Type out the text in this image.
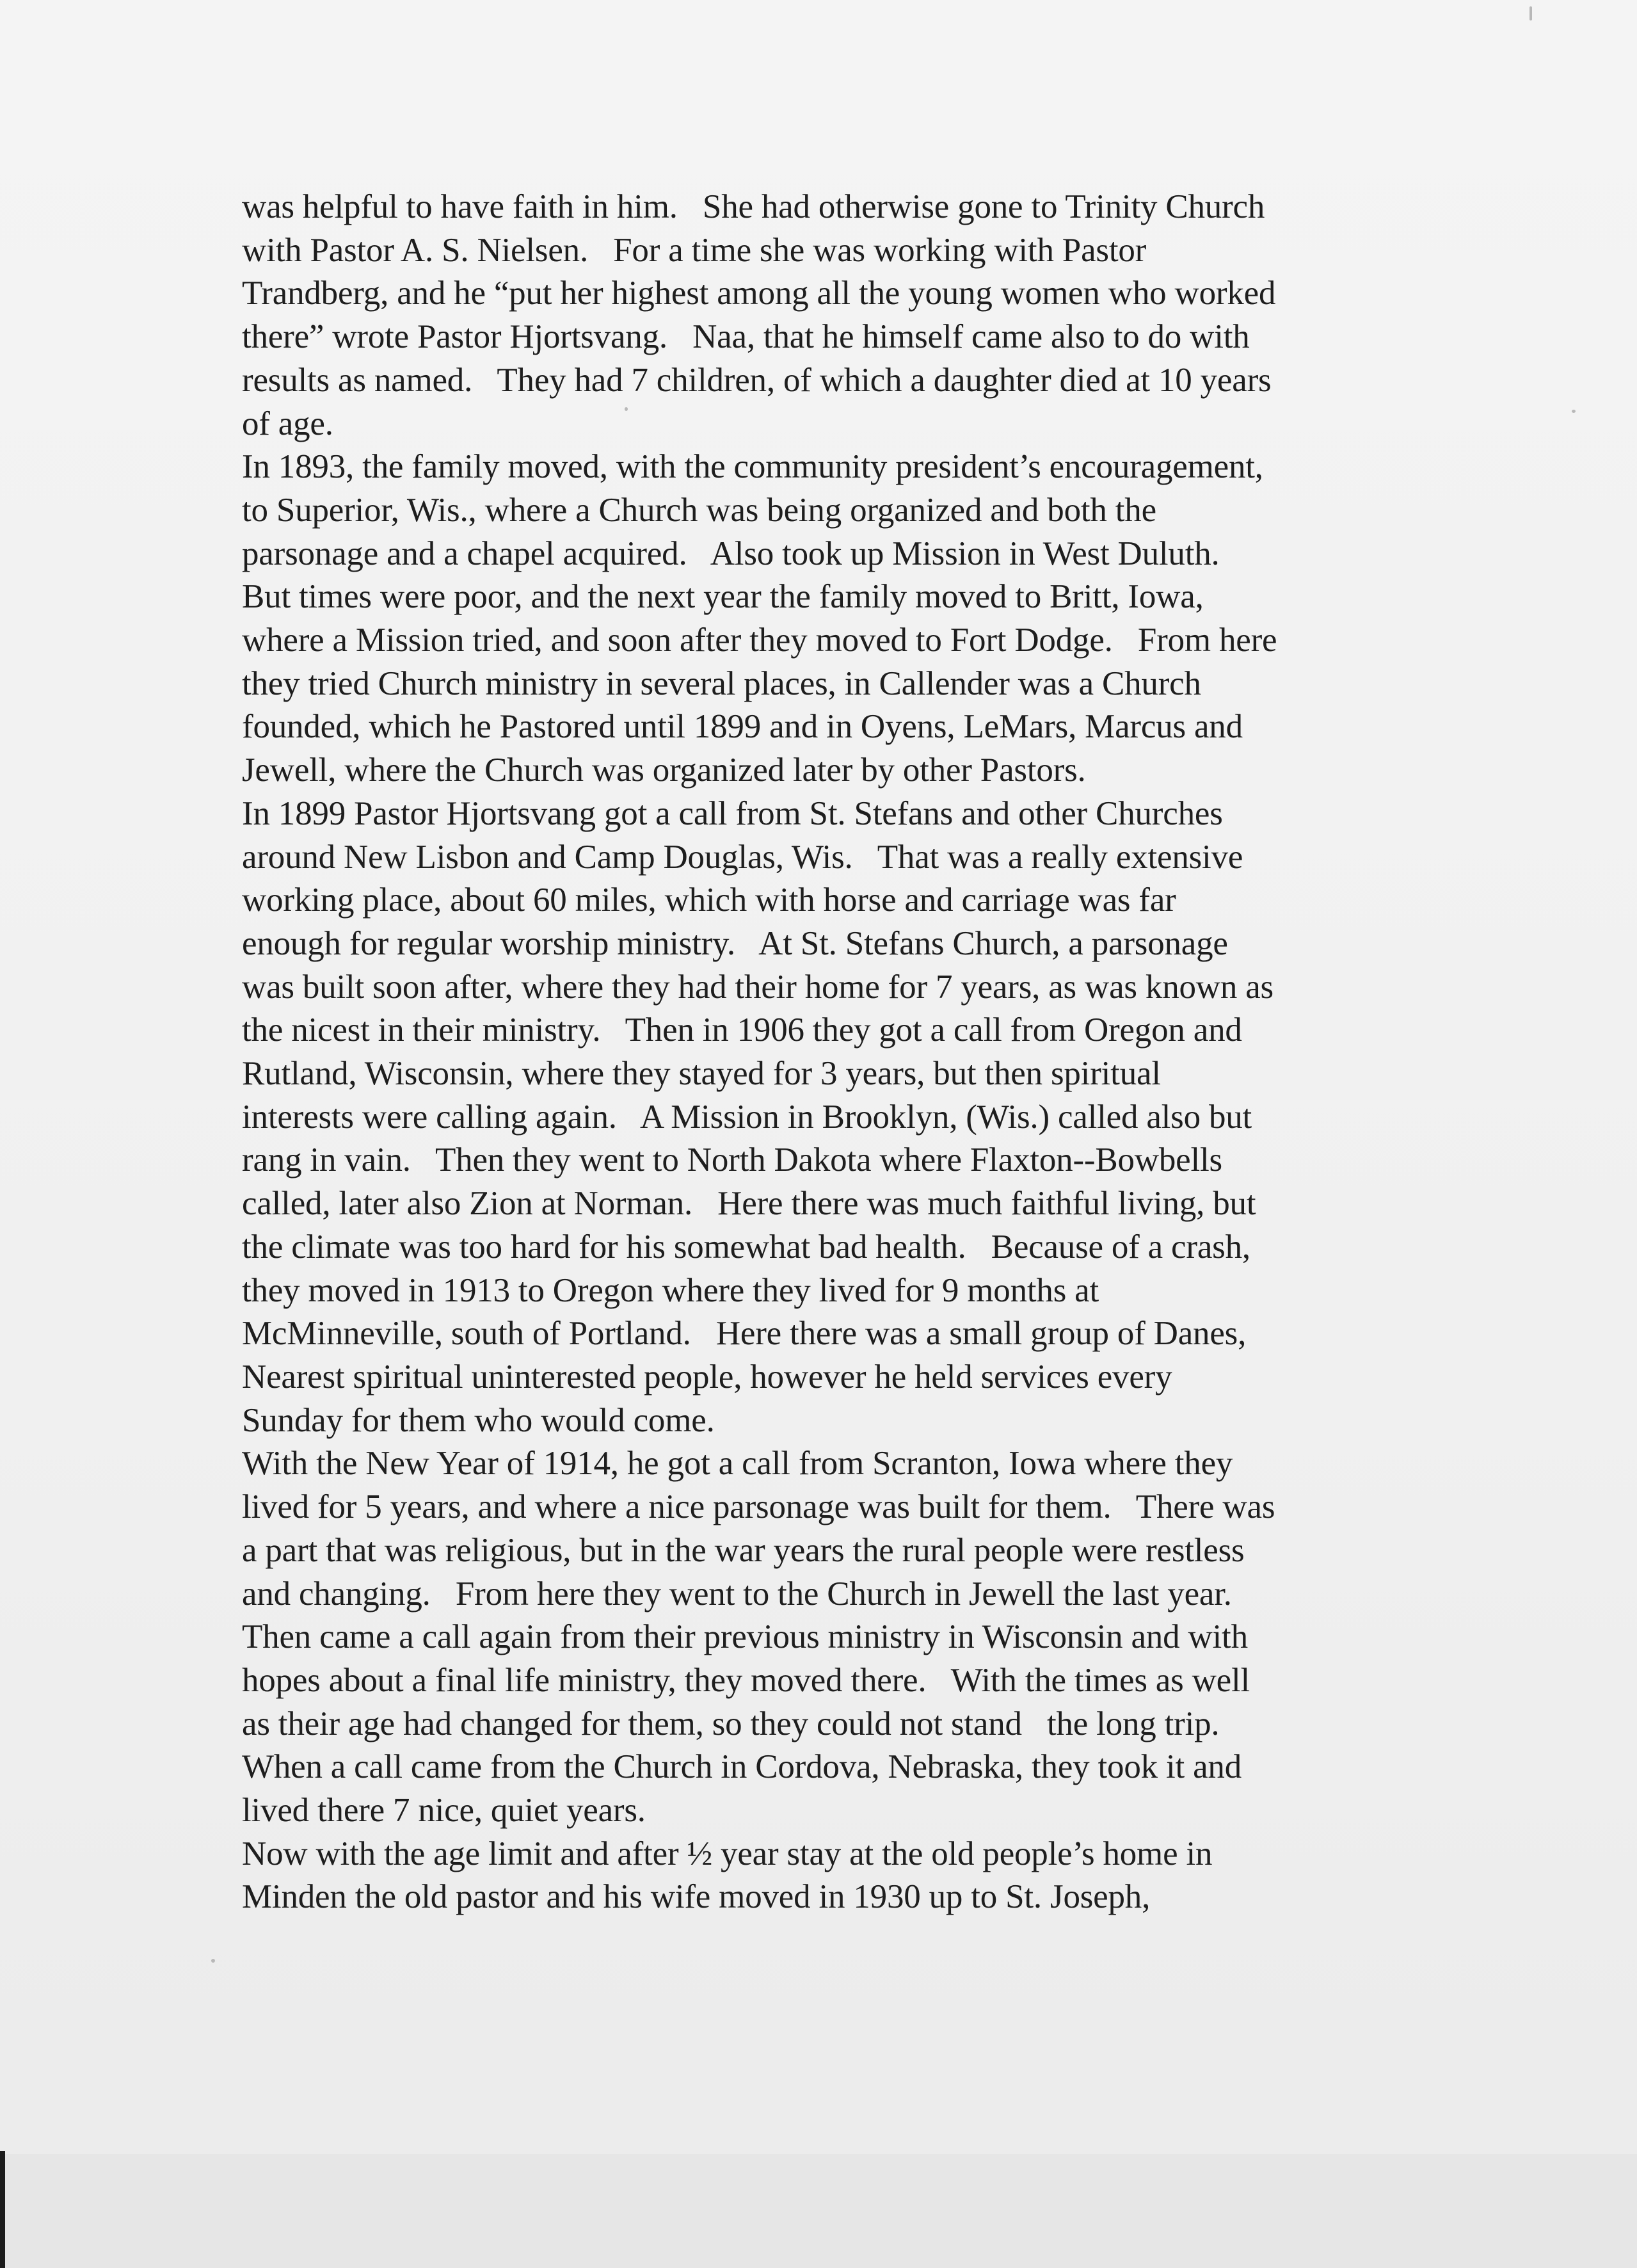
was helpful to have faith in him.   She had otherwise gone to Trinity Church
with Pastor A. S. Nielsen.   For a time she was working with Pastor
Trandberg, and he “put her highest among all the young women who worked
there” wrote Pastor Hjortsvang.   Naa, that he himself came also to do with
results as named.   They had 7 children, of which a daughter died at 10 years
of age.
In 1893, the family moved, with the community president’s encouragement,
to Superior, Wis., where a Church was being organized and both the
parsonage and a chapel acquired.   Also took up Mission in West Duluth.
But times were poor, and the next year the family moved to Britt, Iowa,
where a Mission tried, and soon after they moved to Fort Dodge.   From here
they tried Church ministry in several places, in Callender was a Church
founded, which he Pastored until 1899 and in Oyens, LeMars, Marcus and
Jewell, where the Church was organized later by other Pastors.
In 1899 Pastor Hjortsvang got a call from St. Stefans and other Churches
around New Lisbon and Camp Douglas, Wis.   That was a really extensive
working place, about 60 miles, which with horse and carriage was far
enough for regular worship ministry.   At St. Stefans Church, a parsonage
was built soon after, where they had their home for 7 years, as was known as
the nicest in their ministry.   Then in 1906 they got a call from Oregon and
Rutland, Wisconsin, where they stayed for 3 years, but then spiritual
interests were calling again.   A Mission in Brooklyn, (Wis.) called also but
rang in vain.   Then they went to North Dakota where Flaxton--Bowbells
called, later also Zion at Norman.   Here there was much faithful living, but
the climate was too hard for his somewhat bad health.   Because of a crash,
they moved in 1913 to Oregon where they lived for 9 months at
McMinneville, south of Portland.   Here there was a small group of Danes,
Nearest spiritual uninterested people, however he held services every
Sunday for them who would come.
With the New Year of 1914, he got a call from Scranton, Iowa where they
lived for 5 years, and where a nice parsonage was built for them.   There was
a part that was religious, but in the war years the rural people were restless
and changing.   From here they went to the Church in Jewell the last year.
Then came a call again from their previous ministry in Wisconsin and with
hopes about a final life ministry, they moved there.   With the times as well
as their age had changed for them, so they could not stand   the long trip.
When a call came from the Church in Cordova, Nebraska, they took it and
lived there 7 nice, quiet years.
Now with the age limit and after ½ year stay at the old people’s home in
Minden the old pastor and his wife moved in 1930 up to St. Joseph,
